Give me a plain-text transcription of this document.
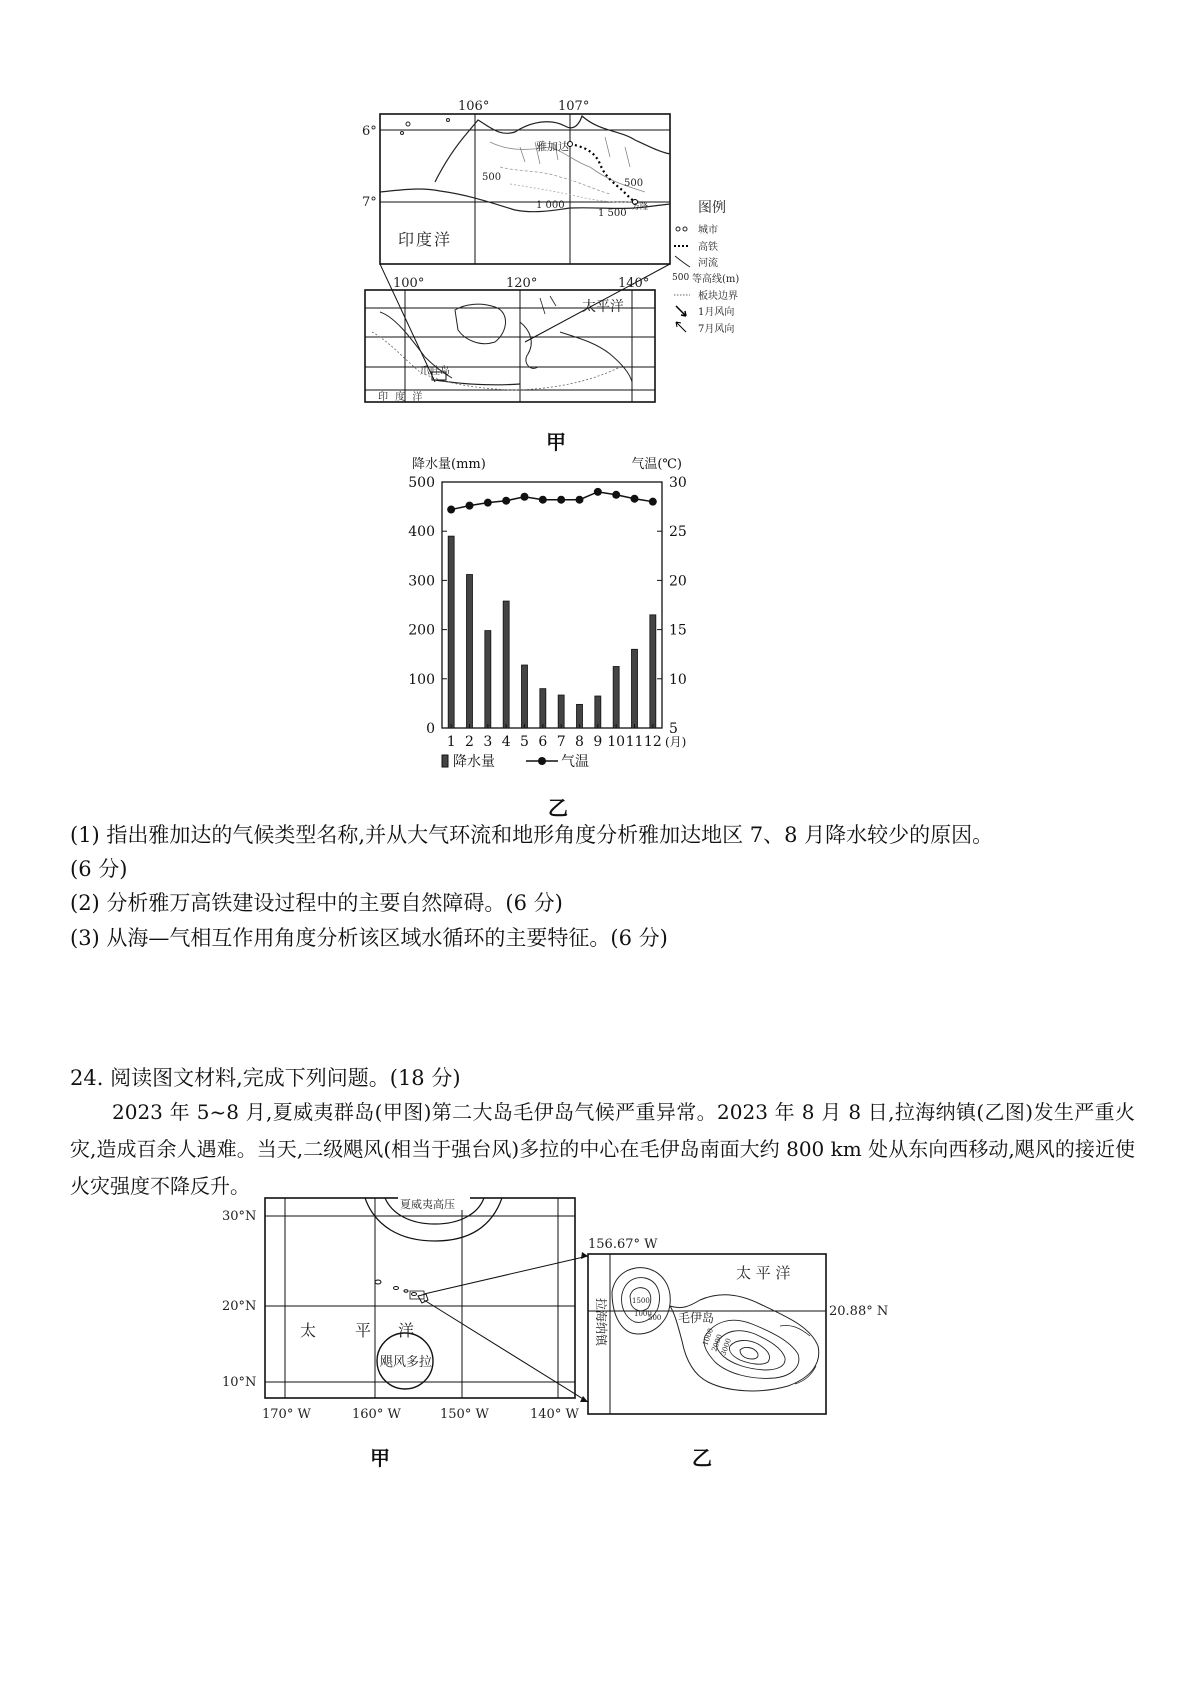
106°	107°
6°
7°
印度洋
雅加达
万隆
500
500
1 000
1 500
100°	120°	140°
太平洋
爪哇岛
印 度 洋
图例
城市
高铁
河流
500 等高线(m)
板块边界
1月风向
7月风向
甲
0
100
200
300
400
500
5
10
15
20
25
30
降水量(mm)	气温(℃)
1 2 3 4 5 6 7 8 9 10 11 12 (月)
降水量	气温
乙
(1) 指出雅加达的气候类型名称,并从大气环流和地形角度分析雅加达地区 7、8 月降水较少的原因。
(6 分)
(2) 分析雅万高铁建设过程中的主要自然障碍。(6 分)
(3) 从海—气相互作用角度分析该区域水循环的主要特征。(6 分)
24. 阅读图文材料,完成下列问题。(18 分)
2023 年 5~8 月,夏威夷群岛(甲图)第二大岛毛伊岛气候严重异常。2023 年 8 月 8 日,拉海纳镇(乙图)发生严重火灾,造成百余人遇难。当天,二级飓风(相当于强台风)多拉的中心在毛伊岛南面大约 800 km 处从东向西移动,飓风的接近使火灾强度不降反升。
夏威夷高压
飓风多拉
太 平 洋
30°N
20°N
10°N
170° W	160° W	150° W	140° W
156.67° W
20.88° N
太 平 洋
毛伊岛
拉海纳镇	1500
1000
500
1000
2000
3000
甲	乙
